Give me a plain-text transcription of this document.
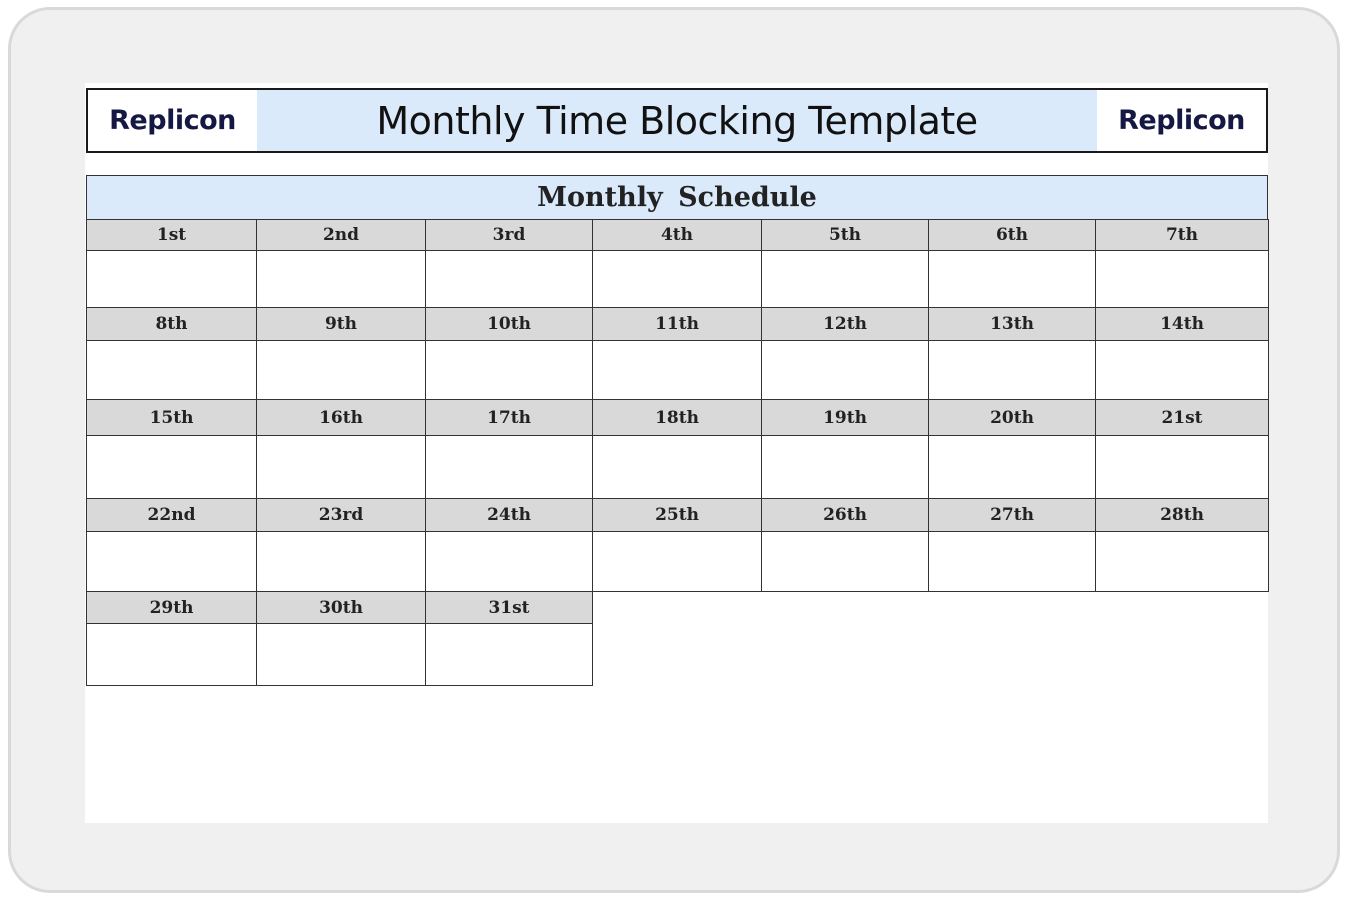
Replicon	Monthly Time Blocking Template	Replicon
Monthly Schedule
1st	2nd	3rd	4th	5th	6th	7th
8th	9th	10th	11th	12th	13th	14th
15th	16th	17th	18th	19th	20th	21st
22nd	23rd	24th	25th	26th	27th	28th
29th	30th	31st
